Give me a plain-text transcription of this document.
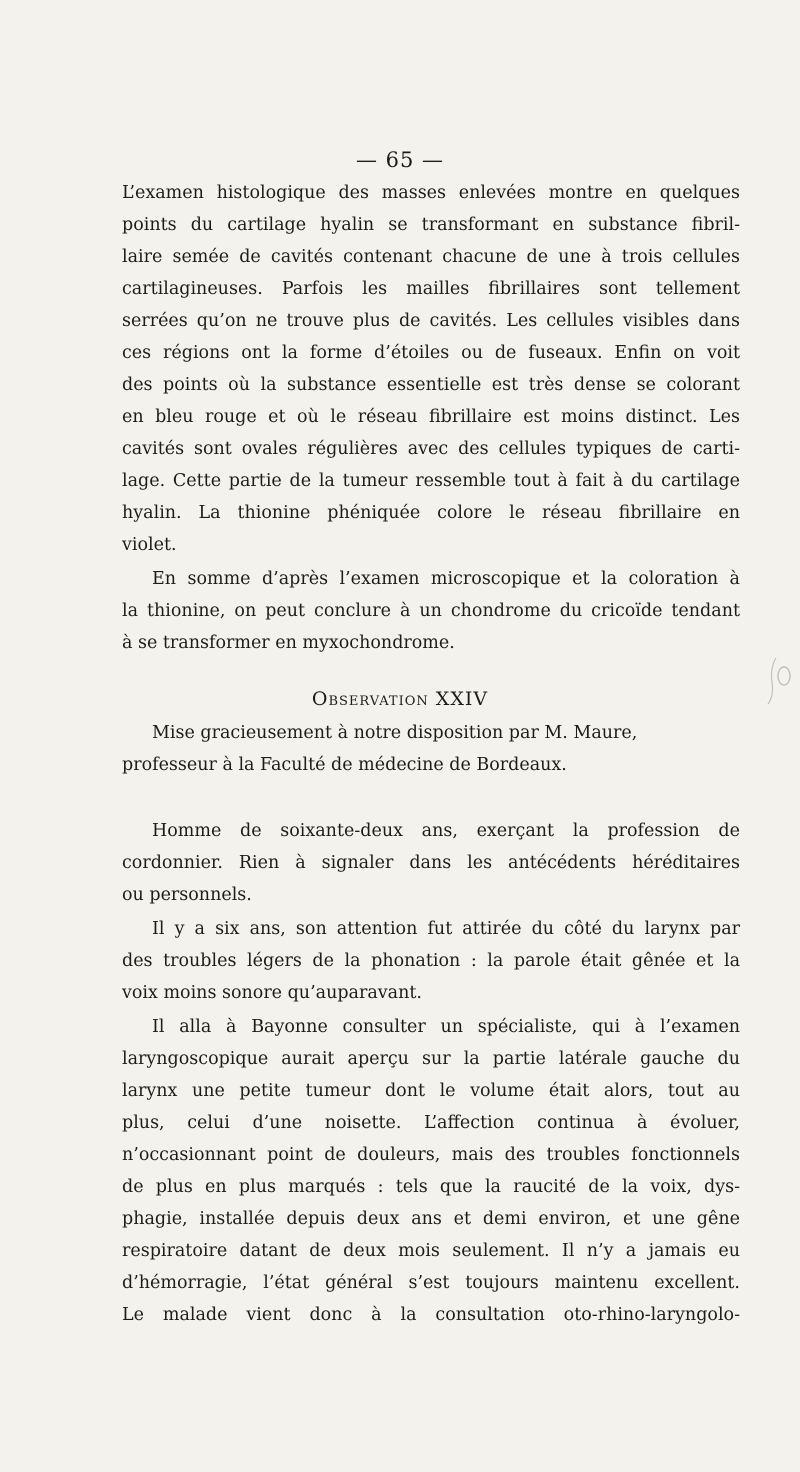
— 65 —
L’examen histologique des masses enlevées montre en quelques
points du cartilage hyalin se transformant en substance fibril-
laire semée de cavités contenant chacune de une à trois cellules
cartilagineuses. Parfois les mailles fibrillaires sont tellement
serrées qu’on ne trouve plus de cavités. Les cellules visibles dans
ces régions ont la forme d’étoiles ou de fuseaux. Enfin on voit
des points où la substance essentielle est très dense se colorant
en bleu rouge et où le réseau fibrillaire est moins distinct. Les
cavités sont ovales régulières avec des cellules typiques de carti-
lage. Cette partie de la tumeur ressemble tout à fait à du cartilage
hyalin. La thionine phéniquée colore le réseau fibrillaire en
violet.
En somme d’après l’examen microscopique et la coloration à
la thionine, on peut conclure à un chondrome du cricoïde tendant
à se transformer en myxochondrome.
Observation XXIV
Mise gracieusement à notre disposition par M. Maure,
professeur à la Faculté de médecine de Bordeaux.
Homme de soixante-deux ans, exerçant la profession de
cordonnier. Rien à signaler dans les antécédents héréditaires
ou personnels.
Il y a six ans, son attention fut attirée du côté du larynx par
des troubles légers de la phonation : la parole était gênée et la
voix moins sonore qu’auparavant.
Il alla à Bayonne consulter un spécialiste, qui à l’examen
laryngoscopique aurait aperçu sur la partie latérale gauche du
larynx une petite tumeur dont le volume était alors, tout au
plus, celui d’une noisette. L’affection continua à évoluer,
n’occasionnant point de douleurs, mais des troubles fonctionnels
de plus en plus marqués : tels que la raucité de la voix, dys-
phagie, installée depuis deux ans et demi environ, et une gêne
respiratoire datant de deux mois seulement. Il n’y a jamais eu
d’hémorragie, l’état général s’est toujours maintenu excellent.
Le malade vient donc à la consultation oto-rhino-laryngolo-
